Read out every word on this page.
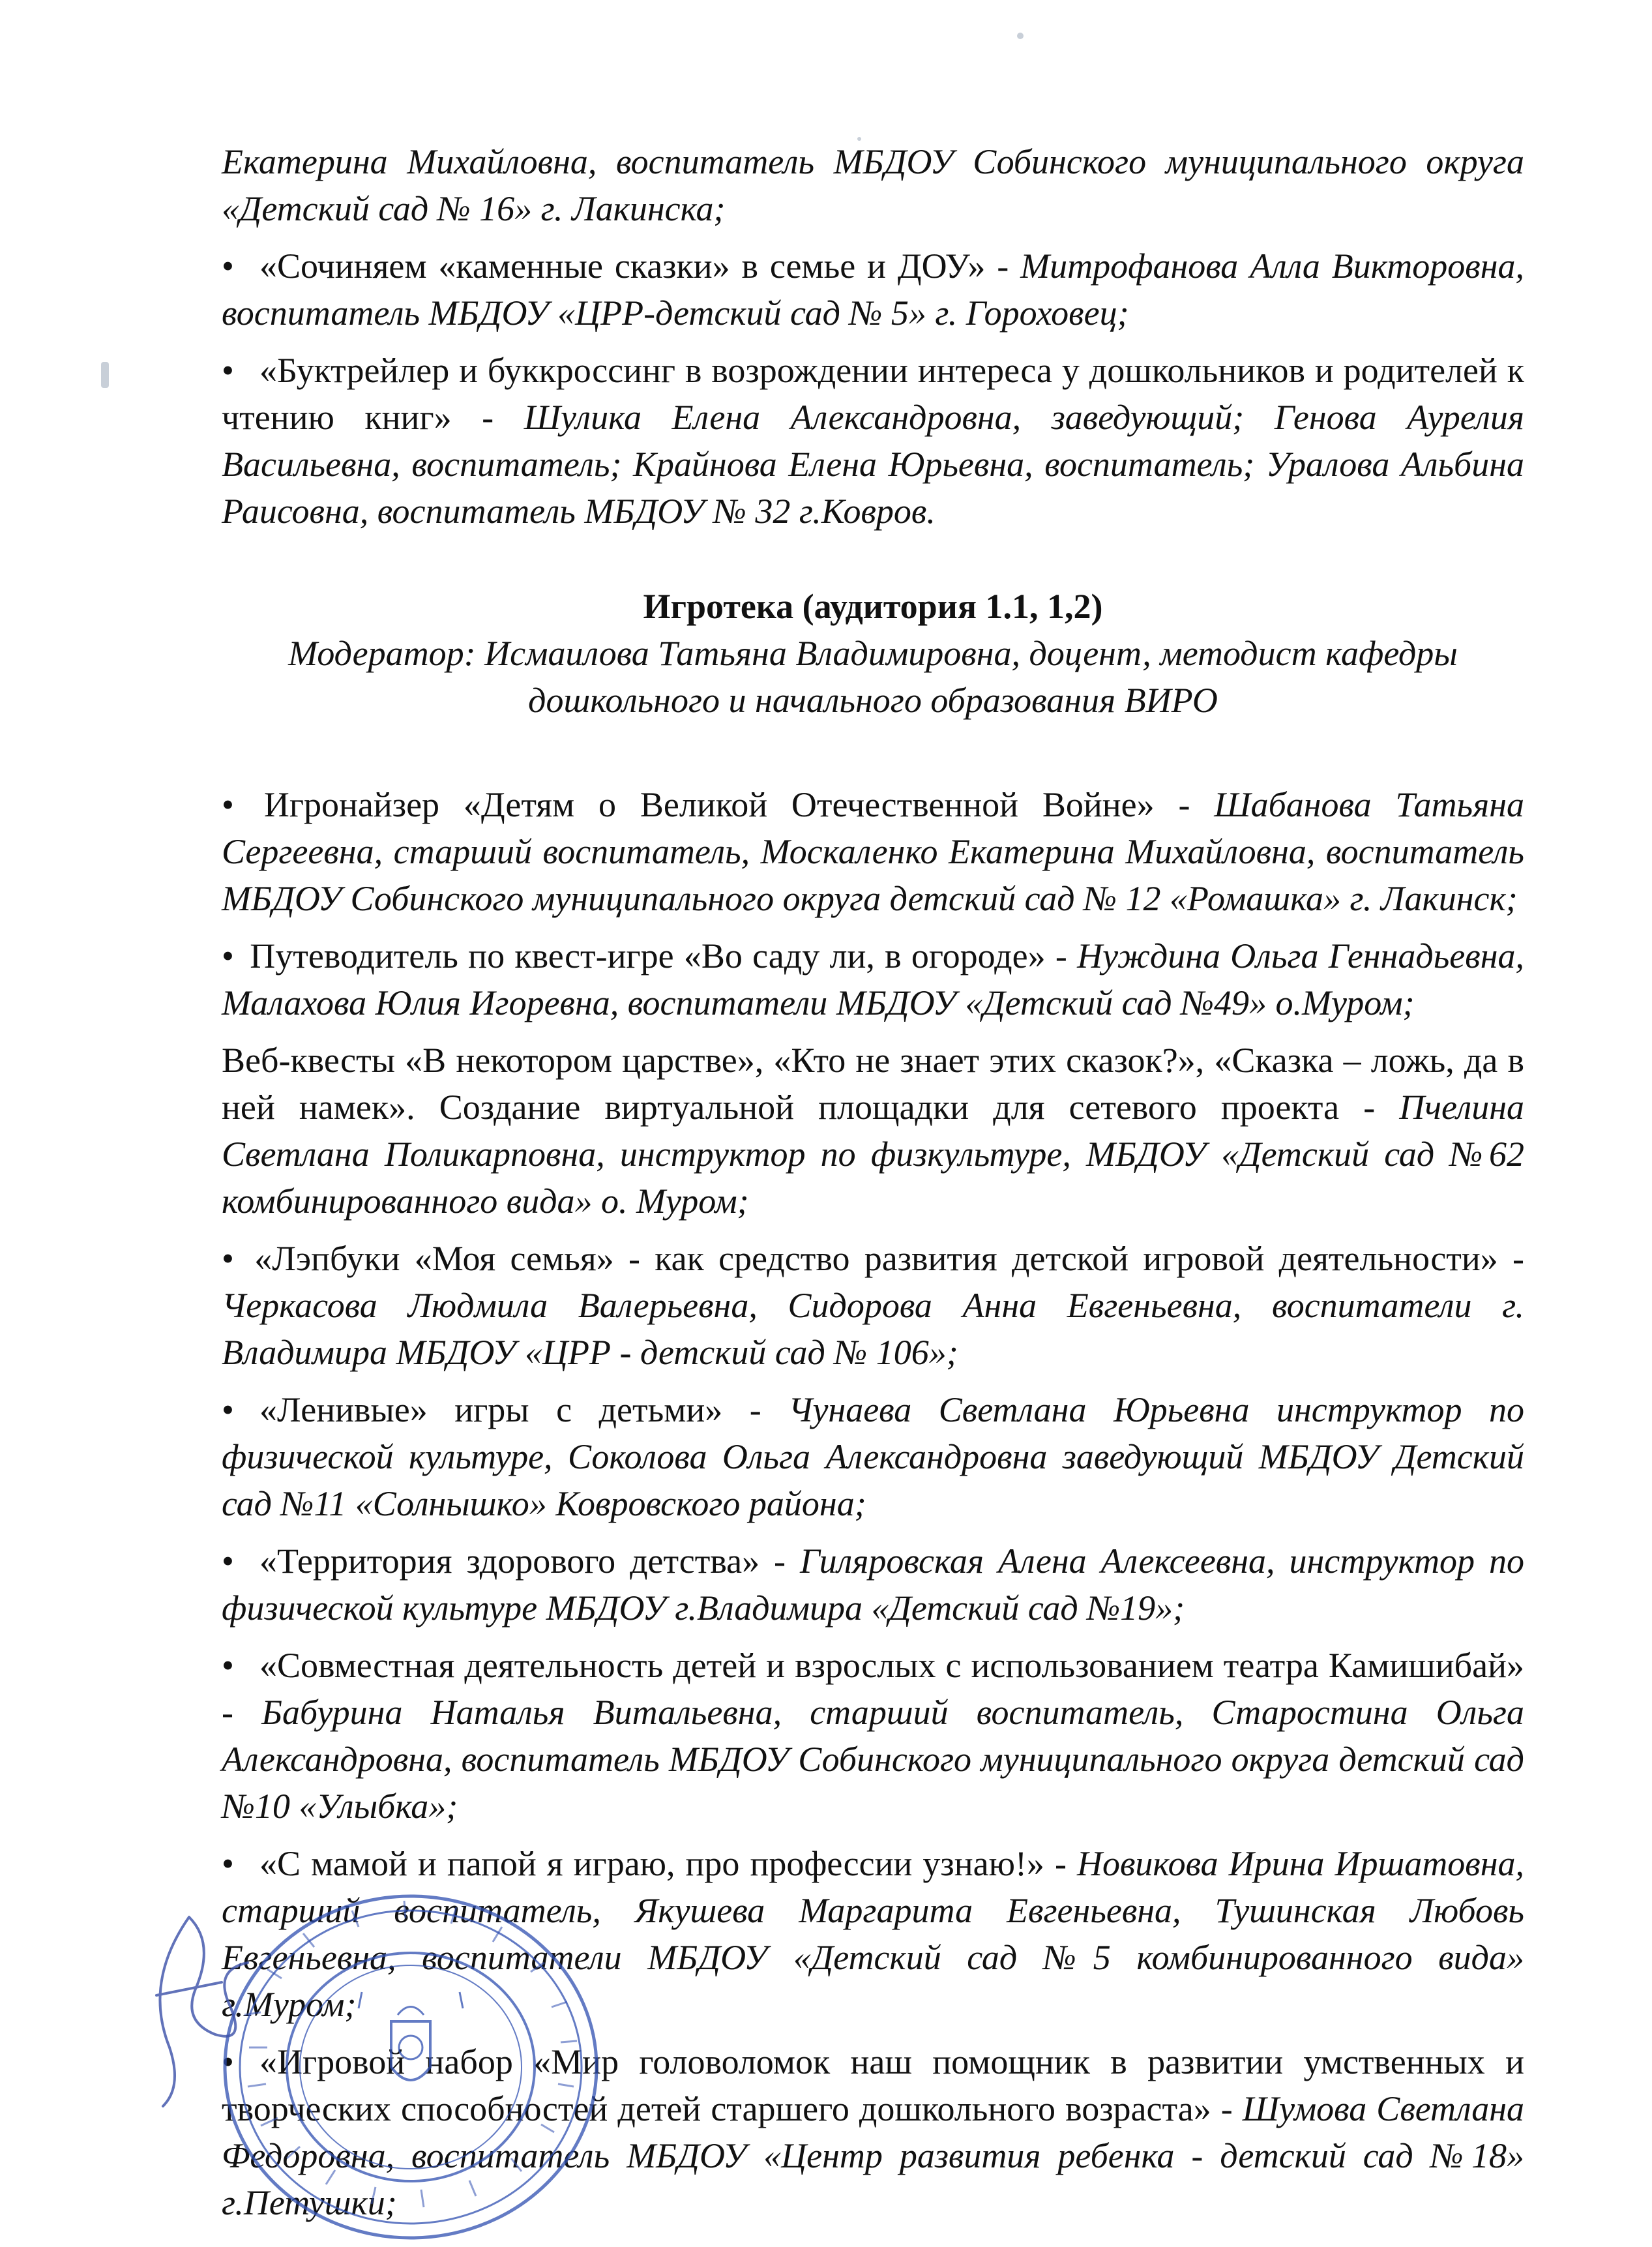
Екатерина Михайловна, воспитатель МБДОУ Собинского муниципального округа «Детский сад № 16» г. Лакинска;

• «Сочиняем «каменные сказки» в семье и ДОУ» - Митрофанова Алла Викторовна, воспитатель МБДОУ «ЦРР-детский сад № 5» г. Гороховец;

• «Буктрейлер и буккроссинг в возрождении интереса у дошкольников и родителей к чтению книг» - Шулика Елена Александровна, заведующий; Генова Аурелия Васильевна, воспитатель; Крайнова Елена Юрьевна, воспитатель; Уралова Альбина Раисовна, воспитатель МБДОУ № 32 г.Ковров.

Игротека (аудитория 1.1, 1,2)
Модератор: Исмаилова Татьяна Владимировна, доцент, методист кафедры дошкольного и начального образования ВИРО

• Игронайзер «Детям о Великой Отечественной Войне» - Шабанова Татьяна Сергеевна, старший воспитатель, Москаленко Екатерина Михайловна, воспитатель МБДОУ Собинского муниципального округа детский сад № 12 «Ромашка» г. Лакинск;

• Путеводитель по квест-игре «Во саду ли, в огороде» - Нуждина Ольга Геннадьевна, Малахова Юлия Игоревна, воспитатели МБДОУ «Детский сад №49» о.Муром;

Веб-квесты «В некотором царстве», «Кто не знает этих сказок?», «Сказка – ложь, да в ней намек». Создание виртуальной площадки для сетевого проекта - Пчелина Светлана Поликарповна, инструктор по физкультуре, МБДОУ «Детский сад №62 комбинированного вида» о. Муром;

• «Лэпбуки «Моя семья» - как средство развития детской игровой деятельности» - Черкасова Людмила Валерьевна, Сидорова Анна Евгеньевна, воспитатели г. Владимира МБДОУ «ЦРР - детский сад № 106»;

• «Ленивые» игры с детьми» - Чунаева Светлана Юрьевна инструктор по физической культуре, Соколова Ольга Александровна заведующий МБДОУ Детский сад №11 «Солнышко» Ковровского района;

• «Территория здорового детства» - Гиляровская Алена Алексеевна, инструктор по физической культуре МБДОУ г.Владимира «Детский сад №19»;

• «Совместная деятельность детей и взрослых с использованием театра Камишибай» - Бабурина Наталья Витальевна, старший воспитатель, Старостина Ольга Александровна, воспитатель МБДОУ Собинского муниципального округа детский сад №10 «Улыбка»;

• «С мамой и папой я играю, про профессии узнаю!» - Новикова Ирина Иршатовна, старший воспитатель, Якушева Маргарита Евгеньевна, Тушинская Любовь Евгеньевна, воспитатели МБДОУ «Детский сад №5 комбинированного вида» г.Муром;

• «Игровой набор «Мир головоломок наш помощник в развитии умственных и творческих способностей детей старшего дошкольного возраста» - Шумова Светлана Федоровна, воспитатель МБДОУ «Центр развития ребенка - детский сад №18» г.Петушки;
